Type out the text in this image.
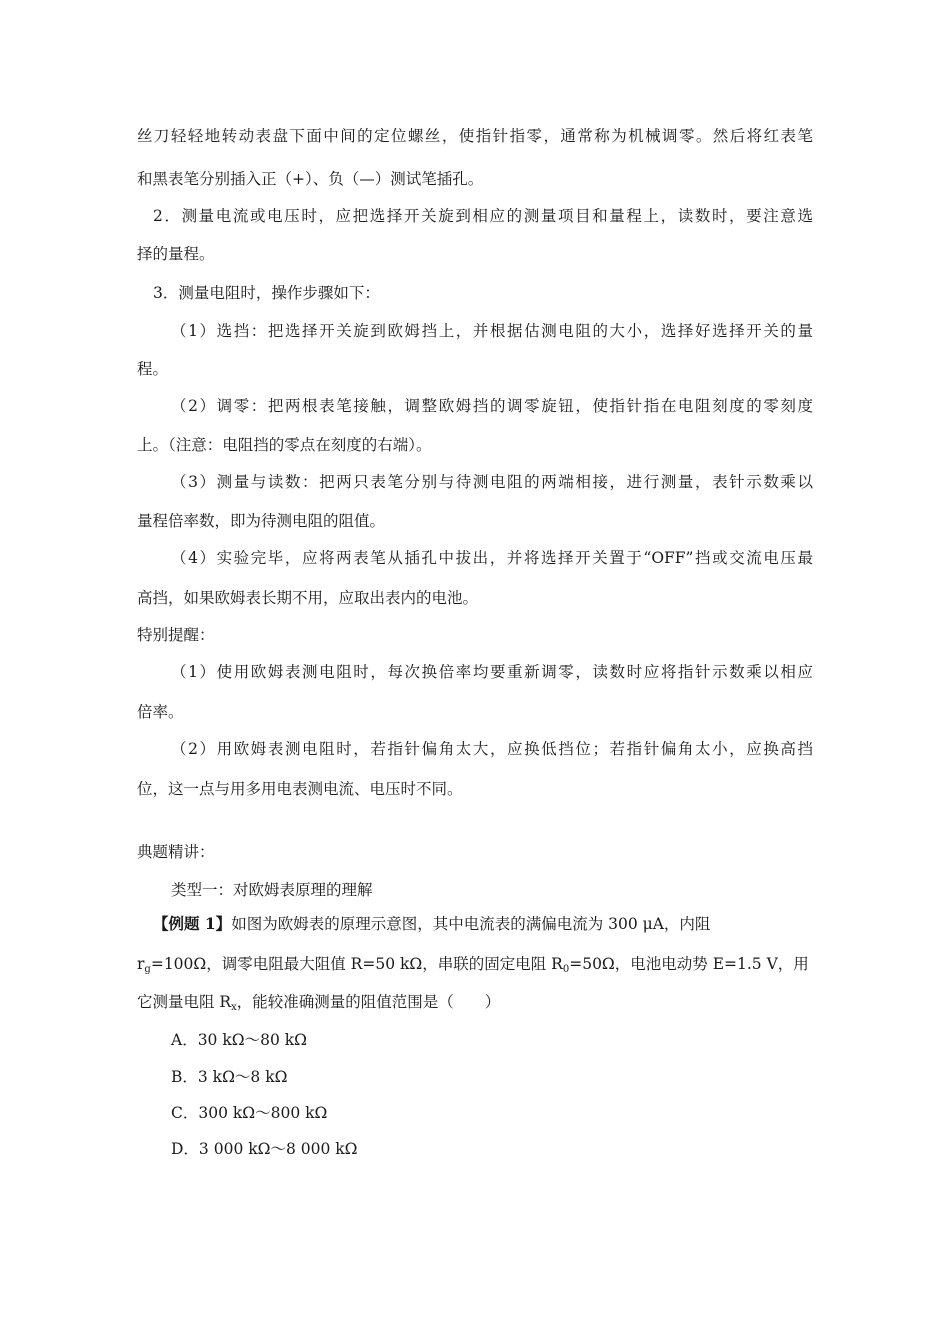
丝刀轻轻地转动表盘下面中间的定位螺丝，使指针指零，通常称为机械调零。然后将红表笔
和黑表笔分别插入正（+）、负（—）测试笔插孔。
2．测量电流或电压时，应把选择开关旋到相应的测量项目和量程上，读数时，要注意选
择的量程。
3．测量电阻时，操作步骤如下：
（1）选挡：把选择开关旋到欧姆挡上，并根据估测电阻的大小，选择好选择开关的量
程。
（2）调零：把两根表笔接触，调整欧姆挡的调零旋钮，使指针指在电阻刻度的零刻度
上。（注意：电阻挡的零点在刻度的右端）。
（3）测量与读数：把两只表笔分别与待测电阻的两端相接，进行测量，表针示数乘以
量程倍率数，即为待测电阻的阻值。
（4）实验完毕，应将两表笔从插孔中拔出，并将选择开关置于“OFF”挡或交流电压最
高挡，如果欧姆表长期不用，应取出表内的电池。
特别提醒：
（1）使用欧姆表测电阻时，每次换倍率均要重新调零，读数时应将指针示数乘以相应
倍率。
（2）用欧姆表测电阻时，若指针偏角太大，应换低挡位；若指针偏角太小，应换高挡
位，这一点与用多用电表测电流、电压时不同。
典题精讲：
类型一：对欧姆表原理的理解
【例题 1】如图为欧姆表的原理示意图，其中电流表的满偏电流为 300 μA，内阻
$r_g=100\Omega$，调零电阻最大阻值 R=50 kΩ，串联的固定电阻 $R_0=50\Omega$，电池电动势 E=1.5 V，用
它测量电阻 $R_x$，能较准确测量的阻值范围是（　　）
A．30 kΩ～80 kΩ
B．3 kΩ～8 kΩ
C．300 kΩ～800 kΩ
D．3 000 kΩ～8 000 kΩ
